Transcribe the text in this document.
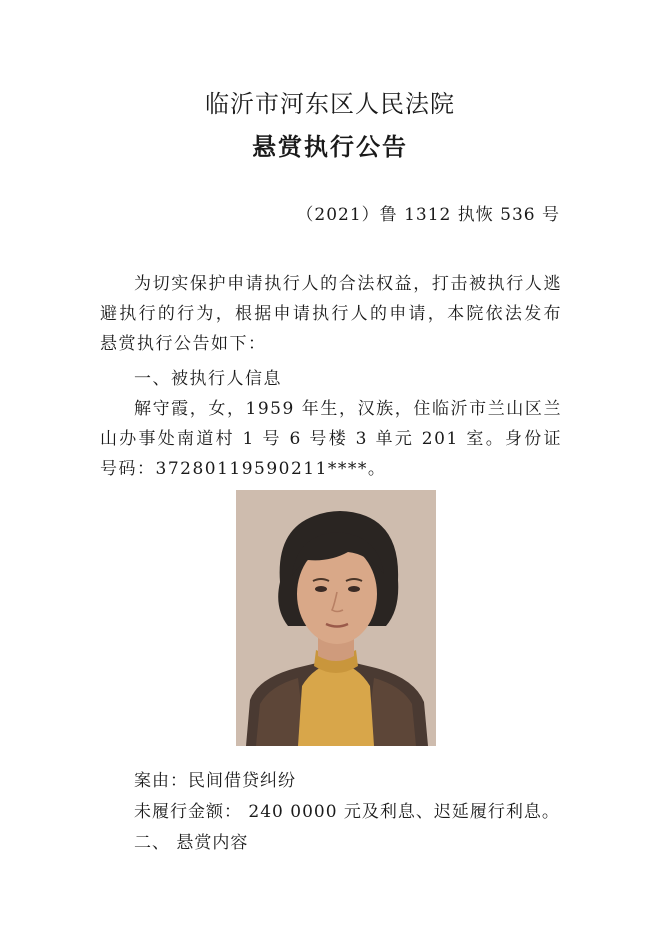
临沂市河东区人民法院
悬赏执行公告
（2021）鲁 1312 执恢 536 号

为切实保护申请执行人的合法权益，打击被执行人逃避执行的行为，根据申请执行人的申请，本院依法发布悬赏执行公告如下：

一、被执行人信息

解守霞，女，1959 年生，汉族，住临沂市兰山区兰山办事处南道村 1 号 6 号楼 3 单元 201 室。身份证号码：37280119590211****。

案由：民间借贷纠纷
未履行金额： 240 0000 元及利息、迟延履行利息。
二、 悬赏内容
